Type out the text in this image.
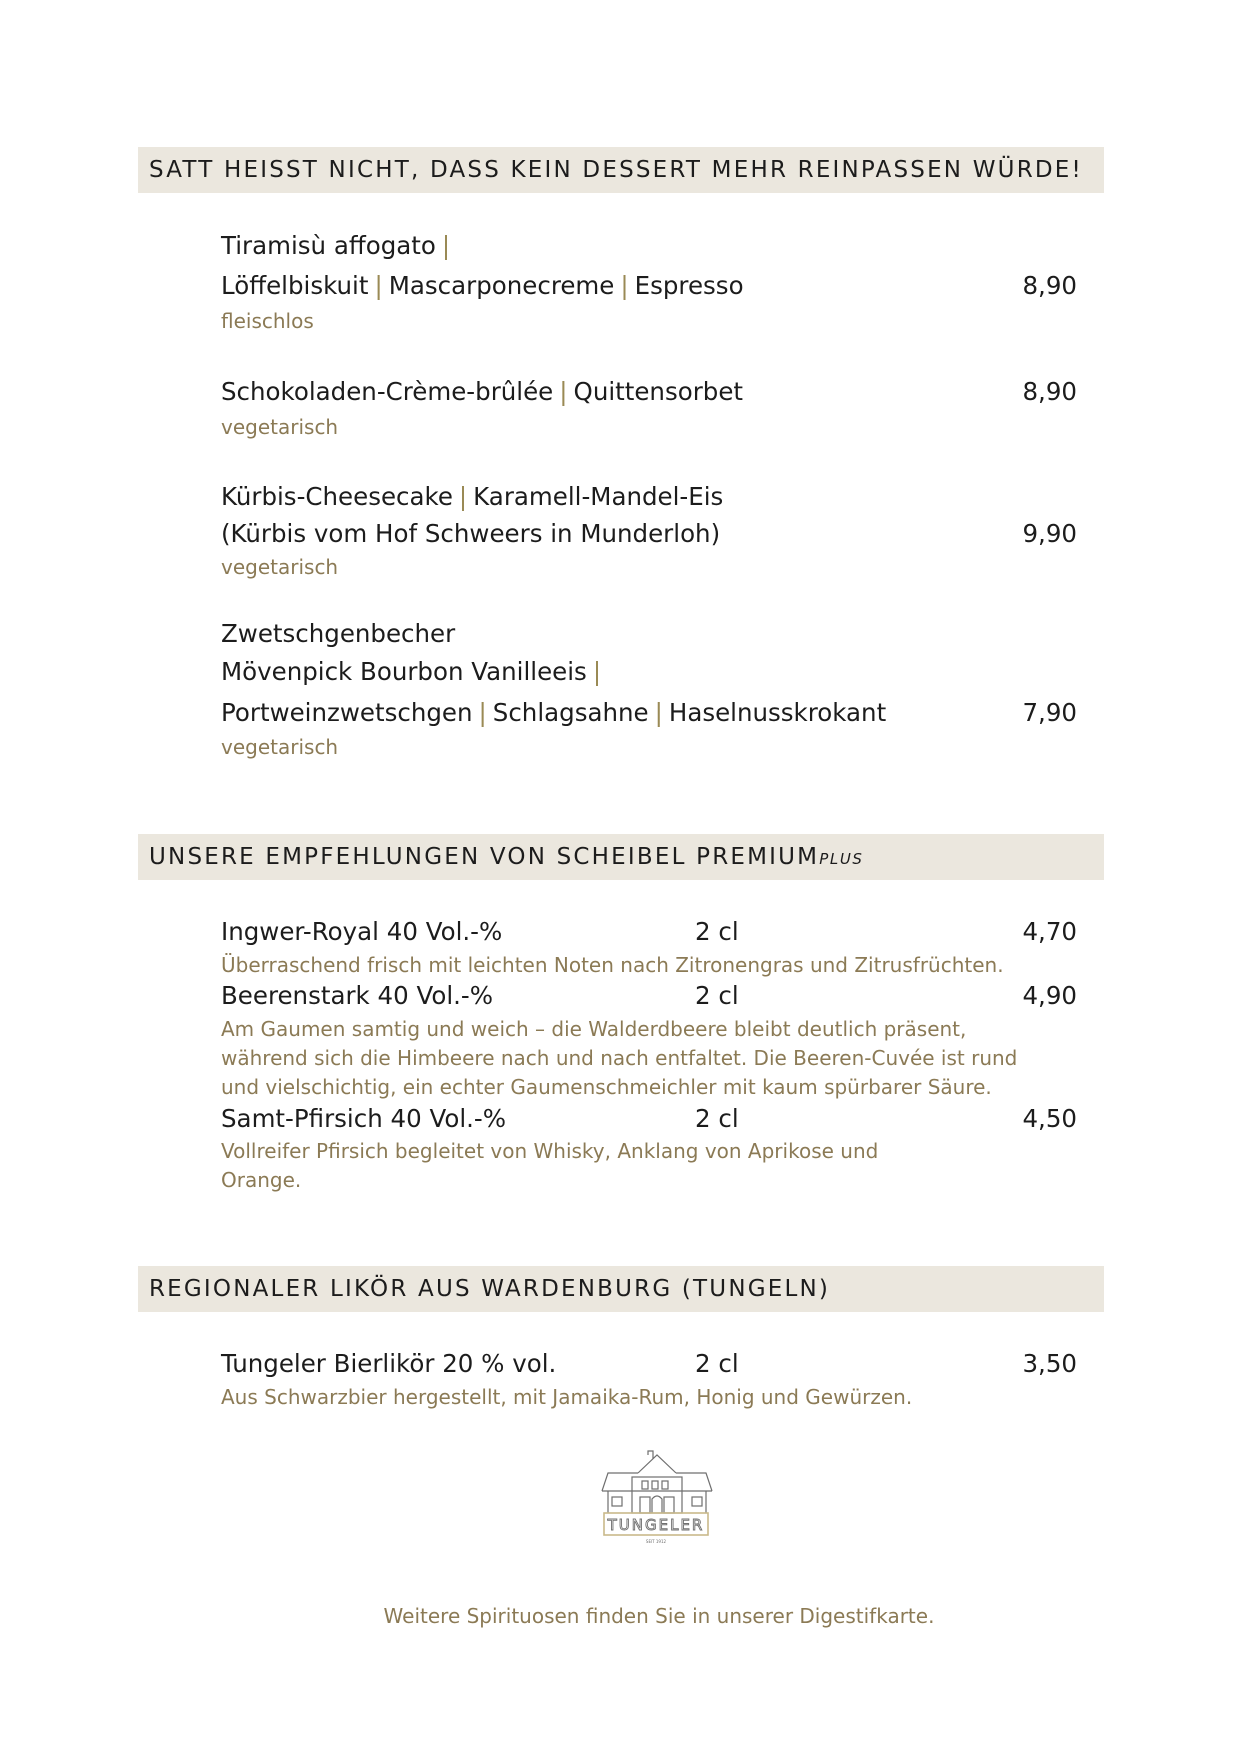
SATT HEISST NICHT, DASS KEIN DESSERT MEHR REINPASSEN WÜRDE!
Tiramisù affogato |
Löffelbiskuit | Mascarponecreme | Espresso	8,90
fleischlos
Schokoladen-Crème-brûlée | Quittensorbet	8,90
vegetarisch
Kürbis-Cheesecake | Karamell-Mandel-Eis
(Kürbis vom Hof Schweers in Munderloh)	9,90
vegetarisch
Zwetschgenbecher
Mövenpick Bourbon Vanilleeis |
Portweinzwetschgen | Schlagsahne | Haselnusskrokant	7,90
vegetarisch
UNSERE EMPFEHLUNGEN VON SCHEIBEL PREMIUMPLUS
Ingwer-Royal 40 Vol.-%	2 cl	4,70
Überraschend frisch mit leichten Noten nach Zitronengras und Zitrusfrüchten.
Beerenstark 40 Vol.-%	2 cl	4,90
Am Gaumen samtig und weich – die Walderdbeere bleibt deutlich präsent,
während sich die Himbeere nach und nach entfaltet. Die Beeren-Cuvée ist rund
und vielschichtig, ein echter Gaumenschmeichler mit kaum spürbarer Säure.
Samt-Pfirsich 40 Vol.-%	2 cl	4,50
Vollreifer Pfirsich begleitet von Whisky, Anklang von Aprikose und
Orange.
REGIONALER LIKÖR AUS WARDENBURG (TUNGELN)
Tungeler Bierlikör 20 % vol.	2 cl	3,50
Aus Schwarzbier hergestellt, mit Jamaika-Rum, Honig und Gewürzen.
TUNGELER
SEIT 1912
Weitere Spirituosen finden Sie in unserer Digestifkarte.
